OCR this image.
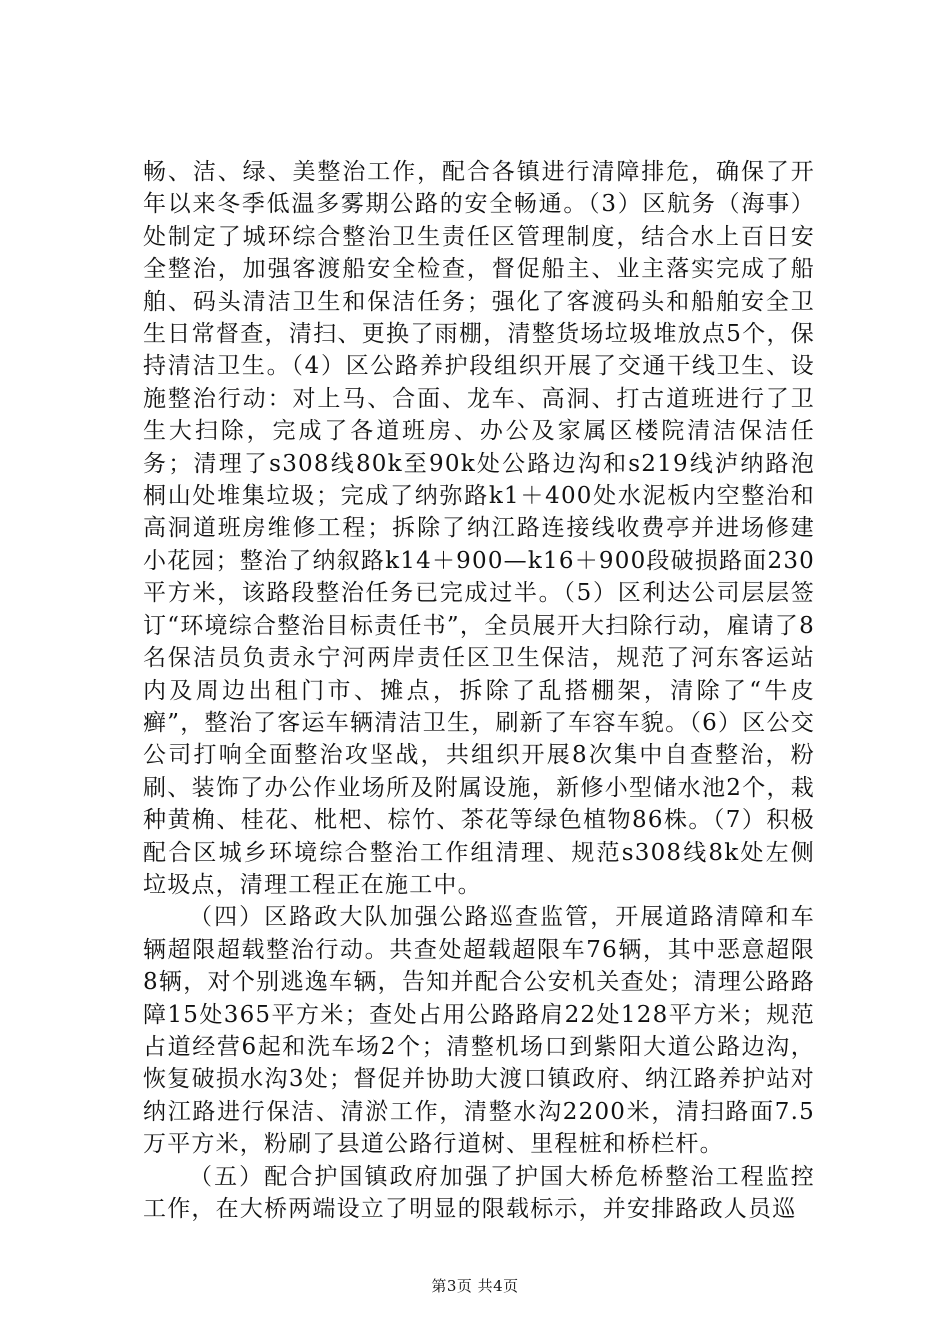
畅、洁、绿、美整治工作，配合各镇进行清障排危，确保了开年以来冬季低温多雾期公路的安全畅通。（3）区航务（海事）处制定了城环综合整治卫生责任区管理制度，结合水上百日安全整治，加强客渡船安全检查，督促船主、业主落实完成了船舶、码头清洁卫生和保洁任务；强化了客渡码头和船舶安全卫生日常督查，清扫、更换了雨棚，清整货场垃圾堆放点5个，保持清洁卫生。（4）区公路养护段组织开展了交通干线卫生、设施整治行动：对上马、合面、龙车、高洞、打古道班进行了卫生大扫除，完成了各道班房、办公及家属区楼院清洁保洁任务；清理了s308线80k至90k处公路边沟和s219线泸纳路泡桐山处堆集垃圾；完成了纳弥路k1＋400处水泥板内空整治和高洞道班房维修工程；拆除了纳江路连接线收费亭并进场修建小花园；整治了纳叙路k14＋900—k16＋900段破损路面230平方米，该路段整治任务已完成过半。（5）区利达公司层层签订“环境综合整治目标责任书”，全员展开大扫除行动，雇请了8名保洁员负责永宁河两岸责任区卫生保洁，规范了河东客运站内及周边出租门市、摊点，拆除了乱搭棚架，清除了“牛皮癣”，整治了客运车辆清洁卫生，刷新了车容车貌。（6）区公交公司打响全面整治攻坚战，共组织开展8次集中自查整治，粉刷、装饰了办公作业场所及附属设施，新修小型储水池2个，栽种黄桷、桂花、枇杷、棕竹、茶花等绿色植物86株。（7）积极配合区城乡环境综合整治工作组清理、规范s308线8k处左侧垃圾点，清理工程正在施工中。

（四）区路政大队加强公路巡查监管，开展道路清障和车辆超限超载整治行动。共查处超载超限车76辆，其中恶意超限8辆，对个别逃逸车辆，告知并配合公安机关查处；清理公路路障15处365平方米；查处占用公路路肩22处128平方米；规范占道经营6起和洗车场2个；清整机场口到紫阳大道公路边沟，恢复破损水沟3处；督促并协助大渡口镇政府、纳江路养护站对纳江路进行保洁、清淤工作，清整水沟2200米，清扫路面7.5万平方米，粉刷了县道公路行道树、里程桩和桥栏杆。

（五）配合护国镇政府加强了护国大桥危桥整治工程监控工作，在大桥两端设立了明显的限载标示，并安排路政人员巡

第3页 共4页
